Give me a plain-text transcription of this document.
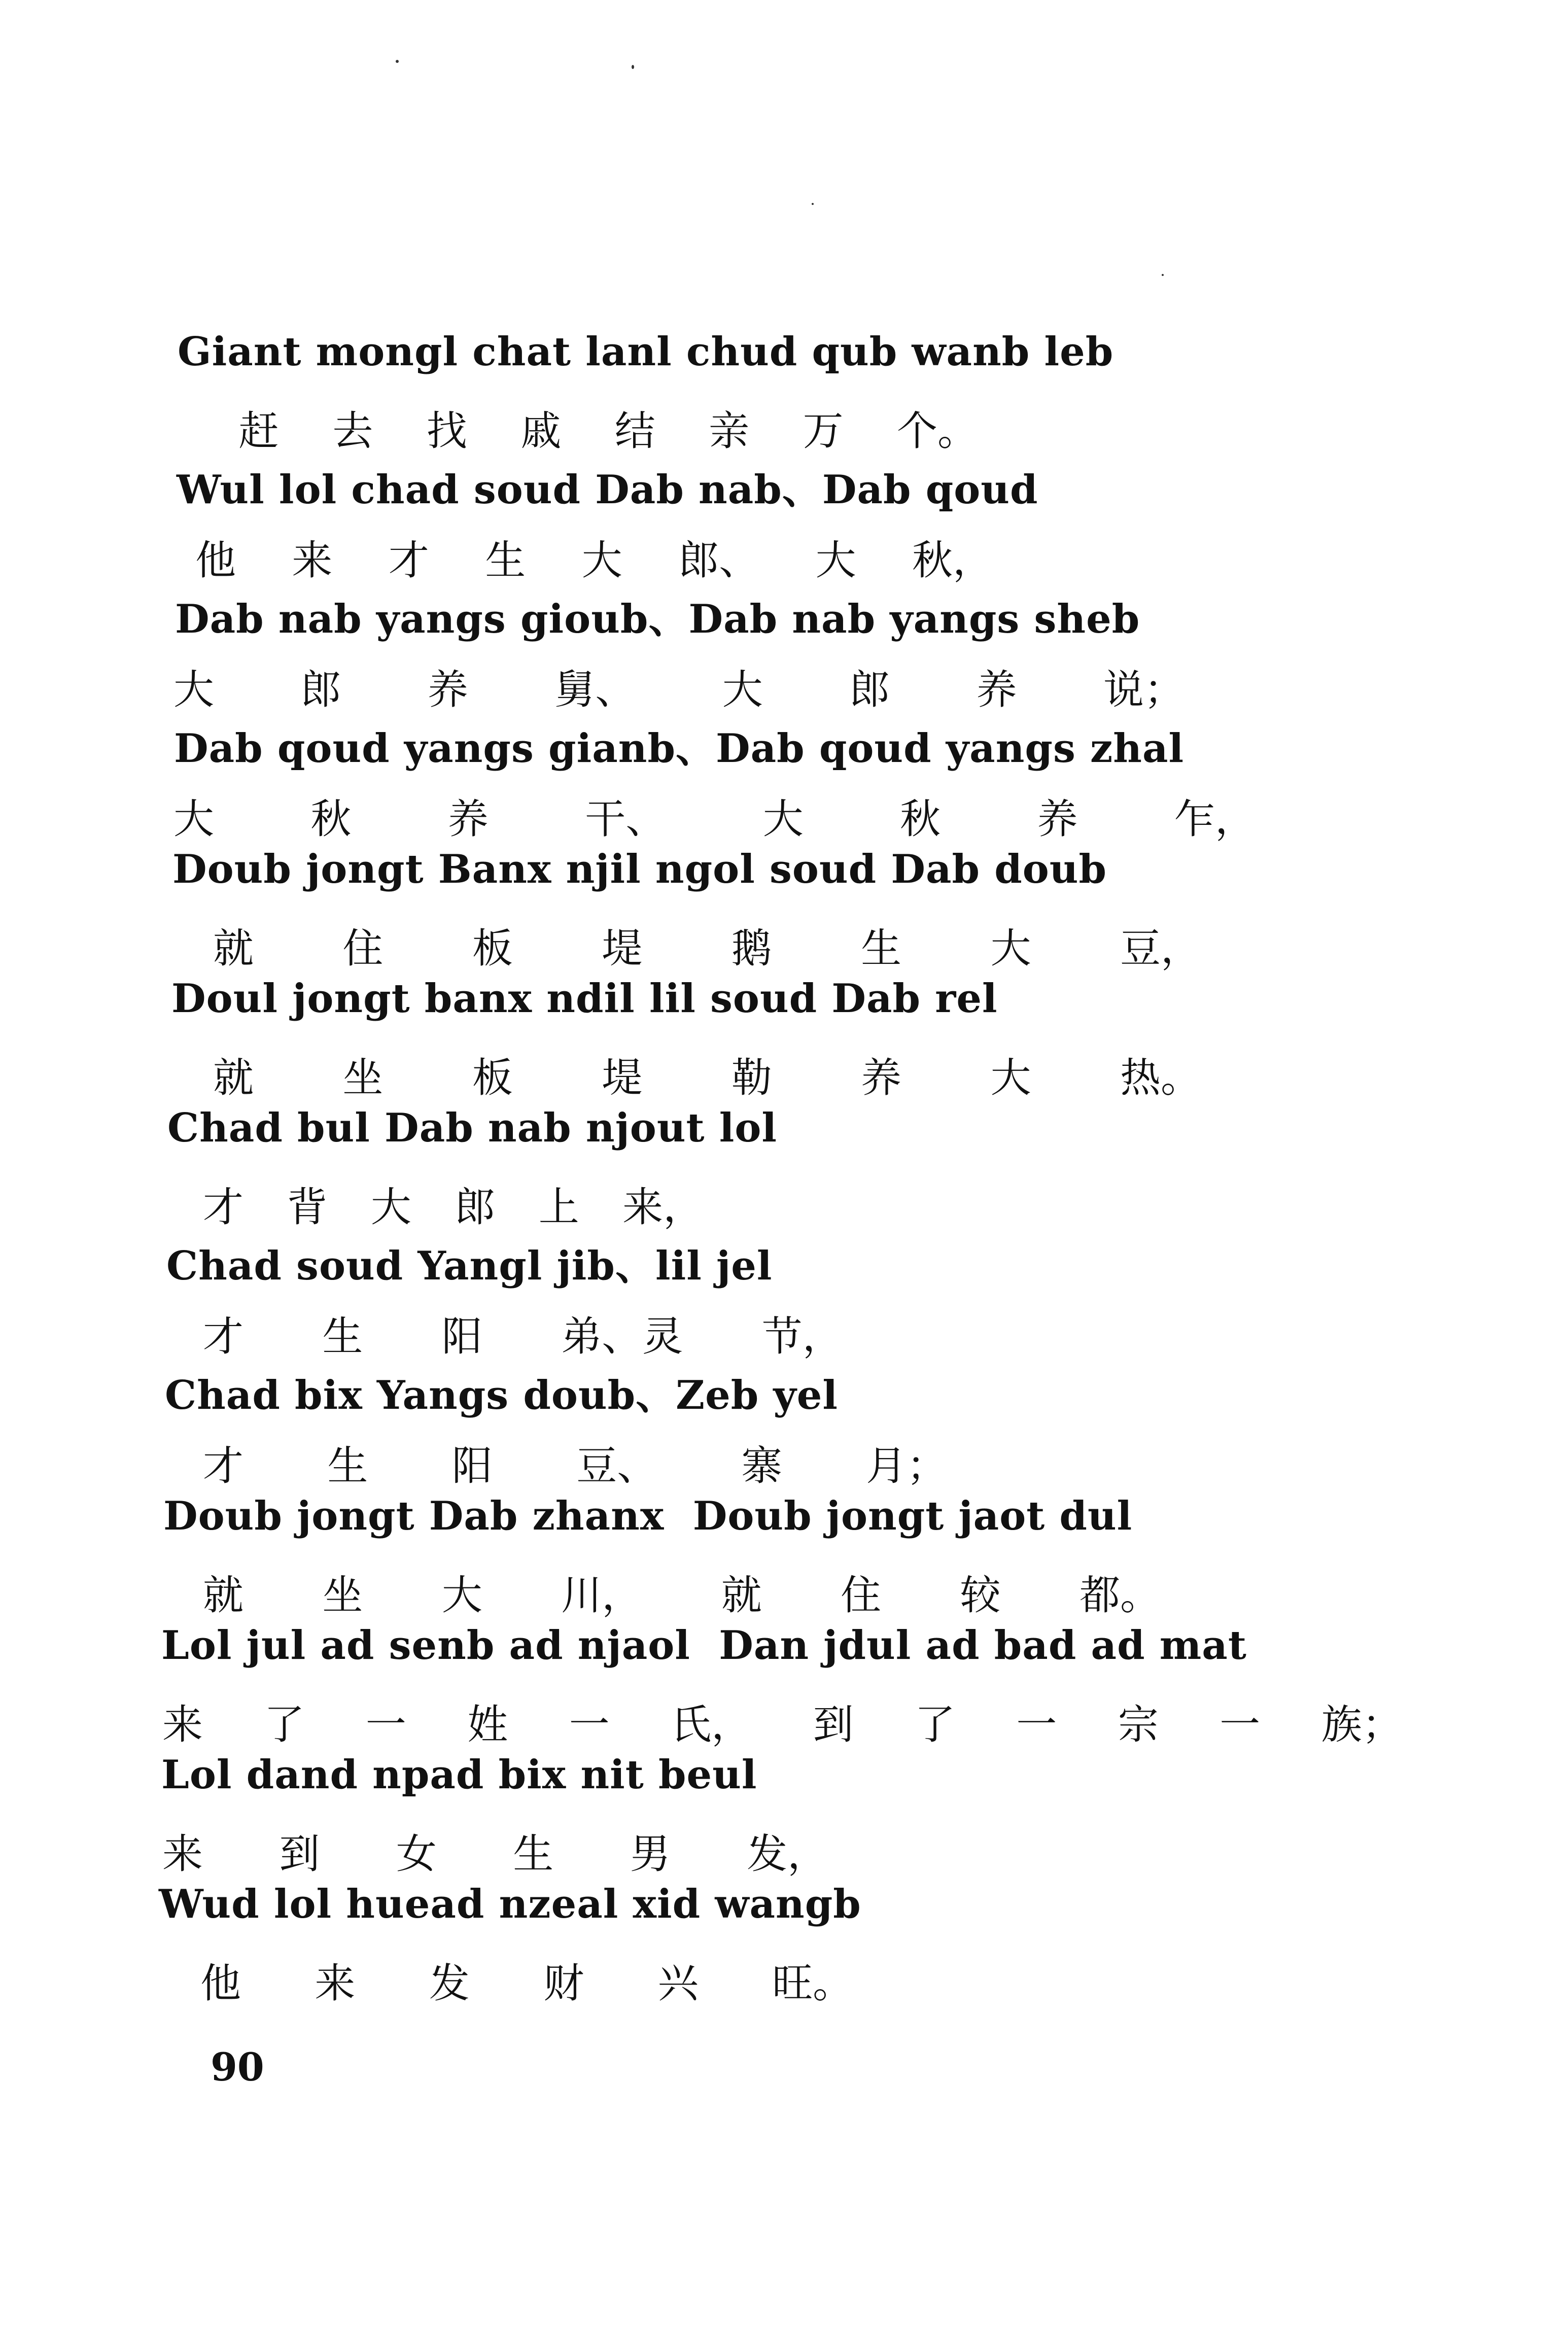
Giant mongl chat lanl chud qub wanb leb
赶 去 找 戚 结 亲 万 个。
Wul lol chad soud Dab nab、Dab qoud
他 来 才 生 大 郎、 大 秋，
Dab nab yangs gioub、Dab nab yangs sheb
大 郎 养 舅、 大 郎 养 说；
Dab qoud yangs gianb、Dab qoud yangs zhal
大 秋 养 干、 大 秋 养 乍，
Doub jongt Banx njil ngol soud Dab doub
就 住 板 堤 鹅 生 大 豆，
Doul jongt banx ndil lil soud Dab rel
就 坐 板 堤 勒 养 大 热。
Chad bul Dab nab njout lol
才 背 大 郎 上 来，
Chad soud Yangl jib、lil jel
才 生 阳 弟、灵 节，
Chad bix Yangs doub、Zeb yel
才 生 阳 豆、 寨 月；
Doub jongt Dab zhanx  Doub jongt jaot dul
就 坐 大 川， 就 住 较 都。
Lol jul ad senb ad njaol  Dan jdul ad bad ad mat
来 了 一 姓 一 氏， 到 了 一 宗 一 族；
Lol dand npad bix nit beul
来 到 女 生 男 发，
Wud lol huead nzeal xid wangb
他 来 发 财 兴 旺。
90
